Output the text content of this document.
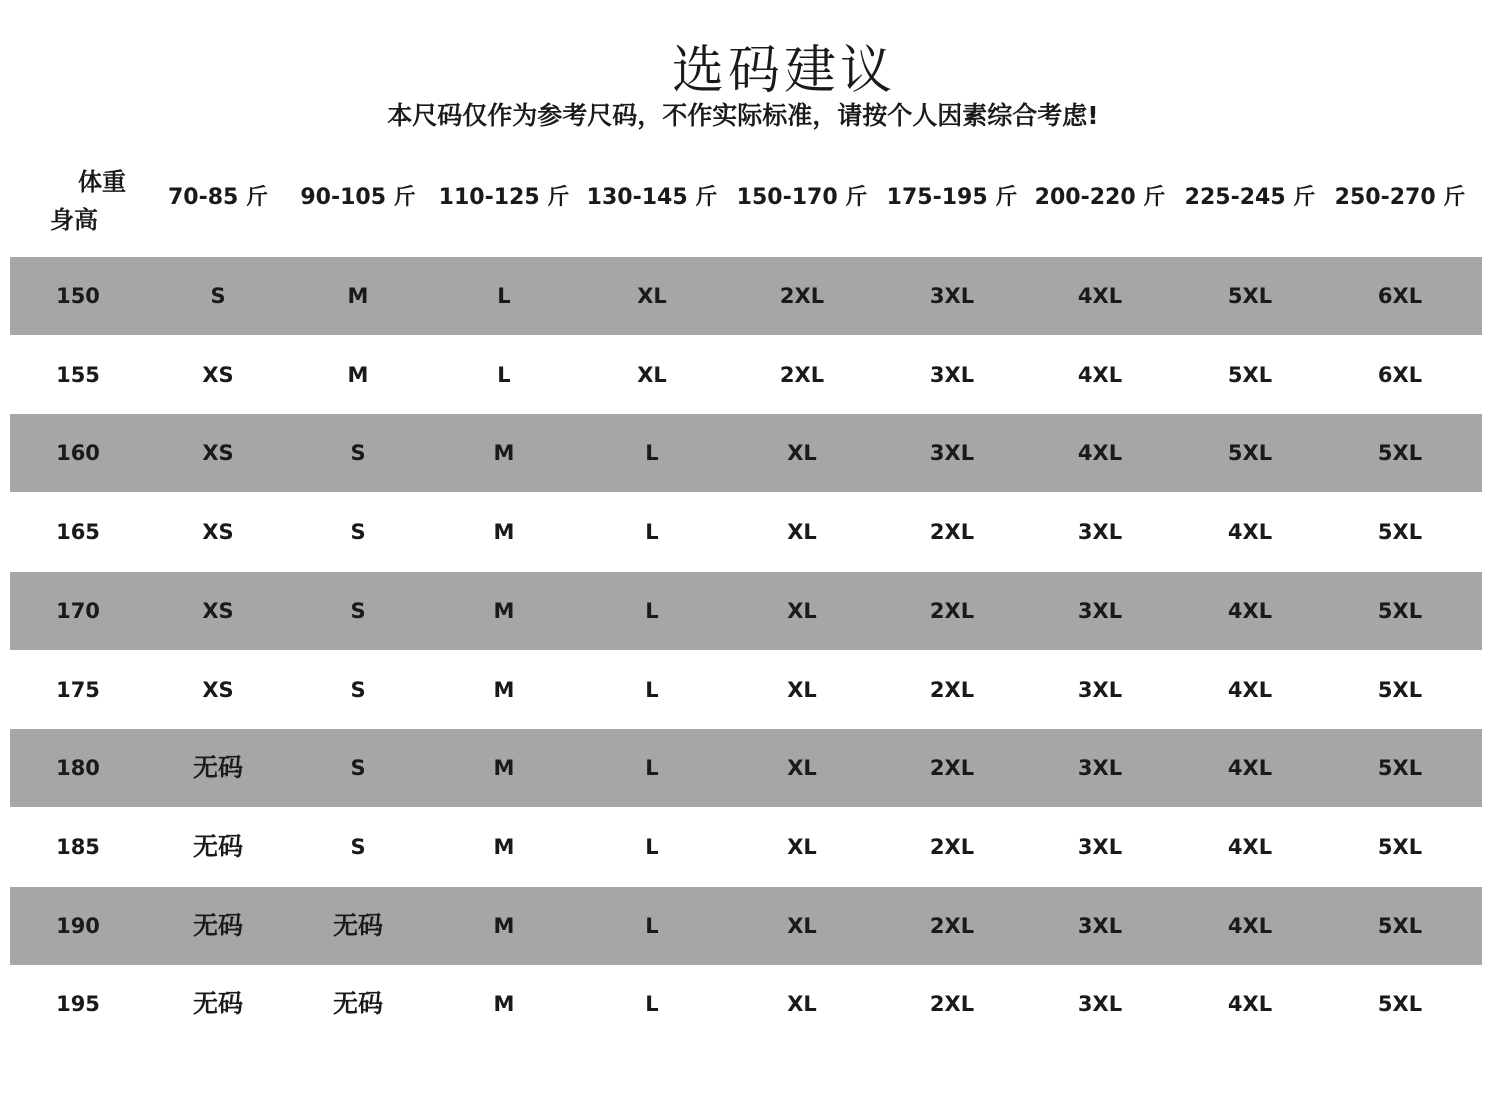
选码建议
本尺码仅作为参考尺码，不作实际标准，请按个人因素综合考虑!
体重
身高
70-85 斤	90-105 斤	110-125 斤 130-145 斤 150-170 斤 175-195 斤 200-220 斤 225-245 斤 250-270 斤
150	S	M	L	XL	2XL	3XL	4XL	5XL	6XL
155	XS	M	L	XL	2XL	3XL	4XL	5XL	6XL
160	XS	S	M	L	XL	3XL	4XL	5XL	5XL
165	XS	S	M	L	XL	2XL	3XL	4XL	5XL
170	XS	S	M	L	XL	2XL	3XL	4XL	5XL
175	XS	S	M	L	XL	2XL	3XL	4XL	5XL
180	无码	S	M	L	XL	2XL	3XL	4XL	5XL
185	无码	S	M	L	XL	2XL	3XL	4XL	5XL
190	无码	无码	M	L	XL	2XL	3XL	4XL	5XL
195	无码	无码	M	L	XL	2XL	3XL	4XL	5XL
